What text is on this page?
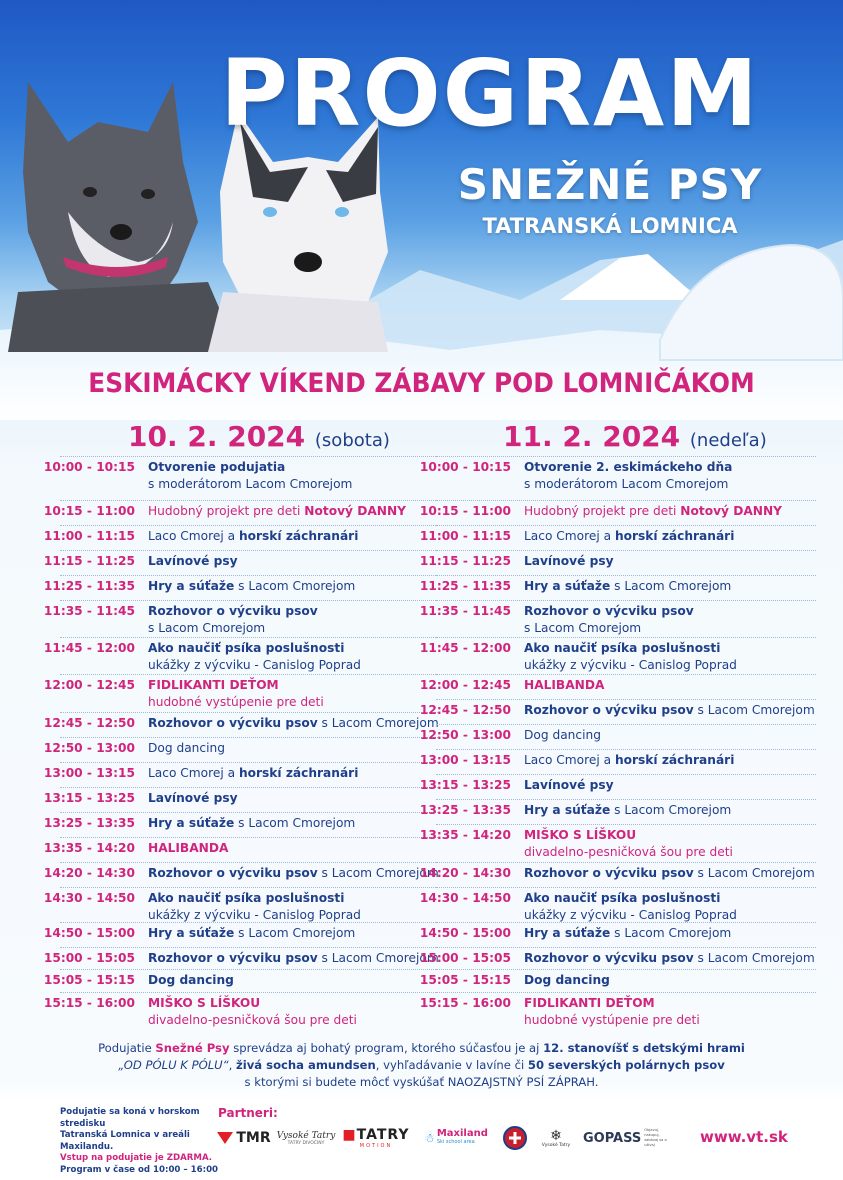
PROGRAM
SNEŽNÉ PSY
TATRANSKÁ LOMNICA
ESKIMÁCKY VÍKEND ZÁBAVY POD LOMNIČÁKOM
10. 2. 2024 (sobota)	11. 2. 2024 (nedeľa)
10:00 - 10:15	Otvorenie podujatia
s moderátorom Lacom Cmorejom
10:15 - 11:00	Hudobný projekt pre deti Notový DANNY
11:00 - 11:15	Laco Cmorej a horskí záchranári
11:15 - 11:25	Lavínové psy
11:25 - 11:35	Hry a súťaže s Lacom Cmorejom
11:35 - 11:45	Rozhovor o výcviku psov
s Lacom Cmorejom
11:45 - 12:00	Ako naučiť psíka poslušnosti
ukážky z výcviku - Canislog Poprad
12:00 - 12:45	FIDLIKANTI DEŤOM
hudobné vystúpenie pre deti
12:45 - 12:50	Rozhovor o výcviku psov s Lacom Cmorejom
12:50 - 13:00	Dog dancing
13:00 - 13:15	Laco Cmorej a horskí záchranári
13:15 - 13:25	Lavínové psy
13:25 - 13:35	Hry a súťaže s Lacom Cmorejom
13:35 - 14:20	HALIBANDA
14:20 - 14:30	Rozhovor o výcviku psov s Lacom Cmorejom
14:30 - 14:50	Ako naučiť psíka poslušnosti
ukážky z výcviku - Canislog Poprad
14:50 - 15:00	Hry a súťaže s Lacom Cmorejom
15:00 - 15:05	Rozhovor o výcviku psov s Lacom Cmorejom
15:05 - 15:15	Dog dancing
15:15 - 16:00	MIŠKO S LÍŠKOU
divadelno-pesničková šou pre deti
10:00 - 10:15	Otvorenie 2. eskimáckeho dňa
s moderátorom Lacom Cmorejom
10:15 - 11:00	Hudobný projekt pre deti Notový DANNY
11:00 - 11:15	Laco Cmorej a horskí záchranári
11:15 - 11:25	Lavínové psy
11:25 - 11:35	Hry a súťaže s Lacom Cmorejom
11:35 - 11:45	Rozhovor o výcviku psov
s Lacom Cmorejom
11:45 - 12:00	Ako naučiť psíka poslušnosti
ukážky z výcviku - Canislog Poprad
12:00 - 12:45	HALIBANDA
12:45 - 12:50	Rozhovor o výcviku psov s Lacom Cmorejom
12:50 - 13:00	Dog dancing
13:00 - 13:15	Laco Cmorej a horskí záchranári
13:15 - 13:25	Lavínové psy
13:25 - 13:35	Hry a súťaže s Lacom Cmorejom
13:35 - 14:20	MIŠKO S LÍŠKOU
divadelno-pesničková šou pre deti
14:20 - 14:30	Rozhovor o výcviku psov s Lacom Cmorejom
14:30 - 14:50	Ako naučiť psíka poslušnosti
ukážky z výcviku - Canislog Poprad
14:50 - 15:00	Hry a súťaže s Lacom Cmorejom
15:00 - 15:05	Rozhovor o výcviku psov s Lacom Cmorejom
15:05 - 15:15	Dog dancing
15:15 - 16:00	FIDLIKANTI DEŤOM
hudobné vystúpenie pre deti
Podujatie Snežné Psy sprevádza aj bohatý program, ktorého súčasťou je aj 12. stanovíšť s detskými hrami
„OD PÓLU K PÓLU“, živá socha amundsen, vyhľadávanie v lavíne či 50 severských polárnych psov
s ktorými si budete môcť vyskúšať NAOZAJSTNÝ PSÍ ZÁPRAH.
Podujatie sa koná v horskom stredisku
Tatranská Lomnica v areáli Maxilandu.
Vstup na podujatie je ZDARMA.
Program v čase od 10:00 – 16:00
Partneri:
TMR Vysoké Tatry
TATRY DIVOČINY ■TATRY
MOTION
☃ Maxiland
Ski school area	❄
Vysoké Tatry GOPASS
Objavuj, nakupuj, zabávaj sa a užívaj	www.vt.sk
